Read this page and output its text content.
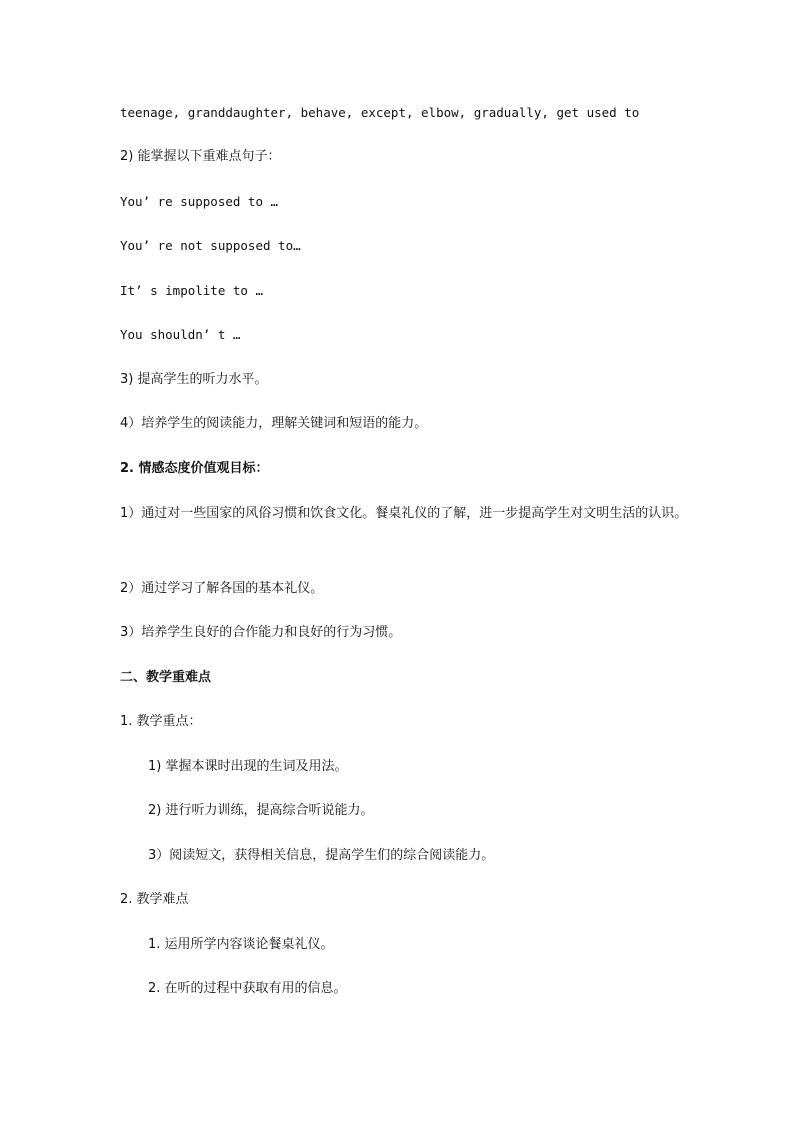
teenage, granddaughter, behave, except, elbow, gradually, get used to
2) 能掌握以下重难点句子：
You’ re supposed to …
You’ re not supposed to…
It’ s impolite to …
You shouldn’ t …
3) 提高学生的听力水平。
4）培养学生的阅读能力，理解关键词和短语的能力。
2. 情感态度价值观目标：
1）通过对一些国家的风俗习惯和饮食文化。餐桌礼仪的了解，进一步提高学生对文明生活的认识。
2）通过学习了解各国的基本礼仪。
3）培养学生良好的合作能力和良好的行为习惯。
二、教学重难点
1. 教学重点：
1) 掌握本课时出现的生词及用法。
2) 进行听力训练，提高综合听说能力。
3）阅读短文，获得相关信息，提高学生们的综合阅读能力。
2. 教学难点
1. 运用所学内容谈论餐桌礼仪。
2. 在听的过程中获取有用的信息。
